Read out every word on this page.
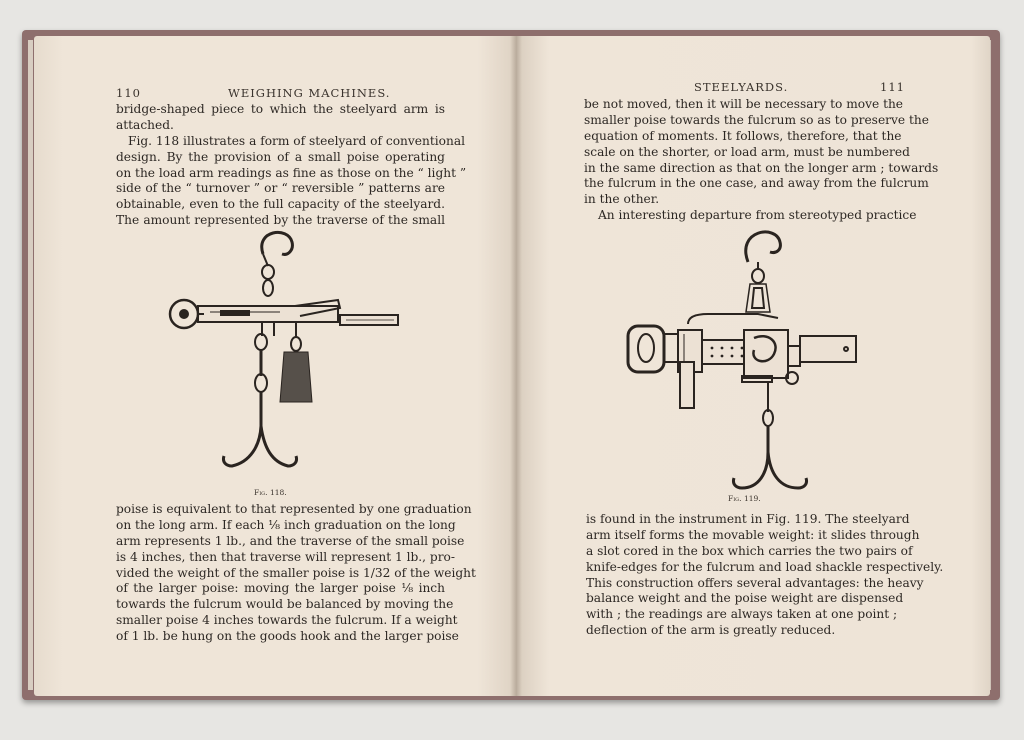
110	WEIGHING MACHINES.
bridge-shaped piece to which the steelyard arm is
attached.
Fig. 118 illustrates a form of steelyard of conventional
design. By the provision of a small poise operating
on the load arm readings as fine as those on the “ light ”
side of the “ turnover ” or “ reversible ” patterns are
obtainable, even to the full capacity of the steelyard.
The amount represented by the traverse of the small
Fig. 118.
poise is equivalent to that represented by one graduation
on the long arm. If each ⅛ inch graduation on the long
arm represents 1 lb., and the traverse of the small poise
is 4 inches, then that traverse will represent 1 lb., pro-
vided the weight of the smaller poise is 1/32 of the weight
of the larger poise: moving the larger poise ⅛ inch
towards the fulcrum would be balanced by moving the
smaller poise 4 inches towards the fulcrum. If a weight
of 1 lb. be hung on the goods hook and the larger poise
STEELYARDS.	111
be not moved, then it will be necessary to move the
smaller poise towards the fulcrum so as to preserve the
equation of moments. It follows, therefore, that the
scale on the shorter, or load arm, must be numbered
in the same direction as that on the longer arm ; towards
the fulcrum in the one case, and away from the fulcrum
in the other.
An interesting departure from stereotyped practice
Fig. 119.
is found in the instrument in Fig. 119. The steelyard
arm itself forms the movable weight: it slides through
a slot cored in the box which carries the two pairs of
knife-edges for the fulcrum and load shackle respectively.
This construction offers several advantages: the heavy
balance weight and the poise weight are dispensed
with ; the readings are always taken at one point ;
deflection of the arm is greatly reduced.
